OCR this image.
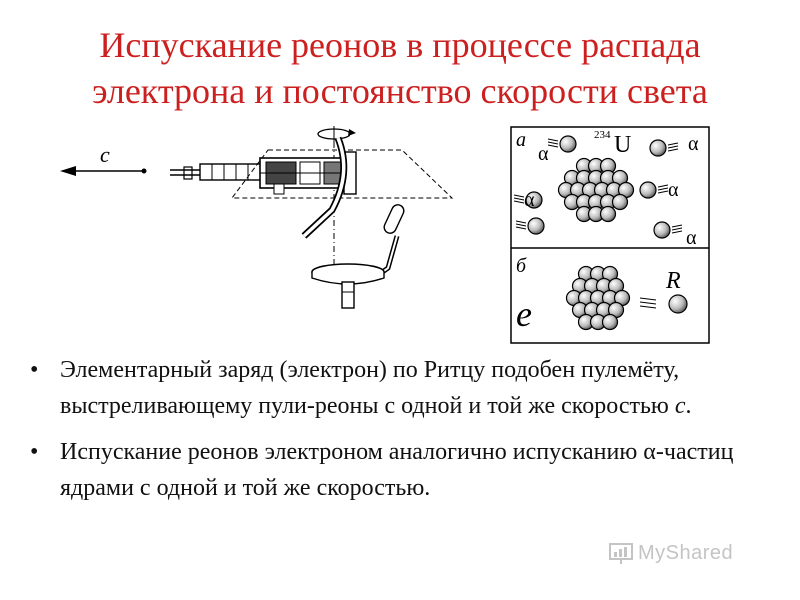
Испускание реонов в процессе распада
электрона и постоянство скорости света
c
a	234 U
α	α
α	α
α
б
R
e
• Элементарный заряд (электрон) по Ритцу подобен пулемёту, выстреливающему пули-реоны с одной и той же скоростью с.
• Испускание реонов электроном аналогично испусканию α-частиц ядрами с одной и той же скоростью.
MyShared
